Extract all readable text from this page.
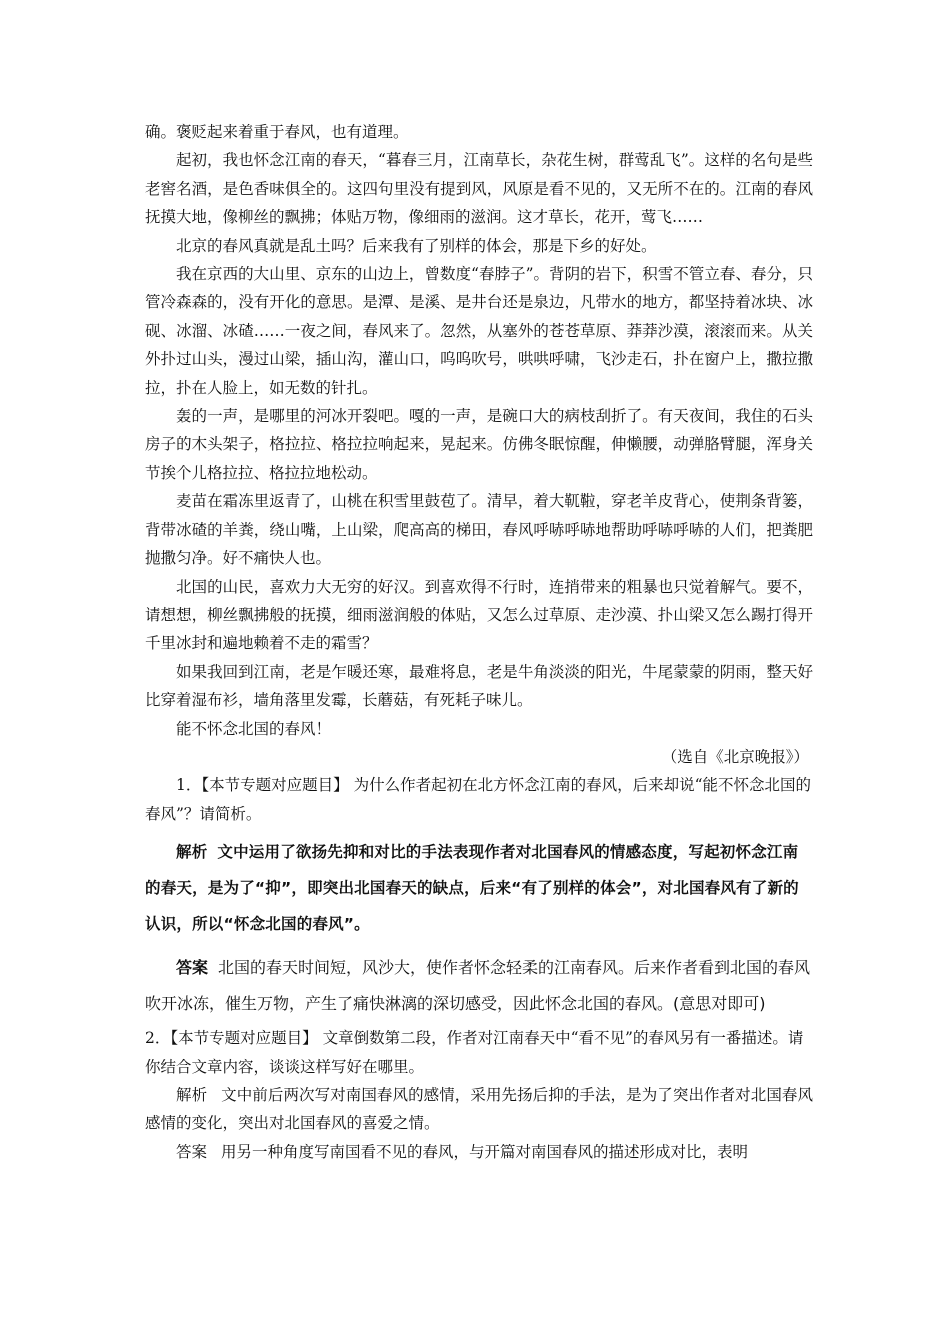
确。褒贬起来着重于春风，也有道理。

起初，我也怀念江南的春天，“暮春三月，江南草长，杂花生树，群莺乱飞”。这样的名句是些老窖名酒，是色香味俱全的。这四句里没有提到风，风原是看不见的，又无所不在的。江南的春风抚摸大地，像柳丝的飘拂；体贴万物，像细雨的滋润。这才草长，花开，莺飞……

北京的春风真就是乱土吗？后来我有了别样的体会，那是下乡的好处。

我在京西的大山里、京东的山边上，曾数度“春脖子”。背阴的岩下，积雪不管立春、春分，只管冷森森的，没有开化的意思。是潭、是溪、是井台还是泉边，凡带水的地方，都坚持着冰块、冰砚、冰溜、冰碴……一夜之间，春风来了。忽然，从塞外的苍苍草原、莽莽沙漠，滚滚而来。从关外扑过山头，漫过山梁，插山沟，灌山口，呜呜吹号，哄哄呼啸，飞沙走石，扑在窗户上，撒拉撒拉，扑在人脸上，如无数的针扎。

轰的一声，是哪里的河冰开裂吧。嘎的一声，是碗口大的病枝刮折了。有天夜间，我住的石头房子的木头架子，格拉拉、格拉拉响起来，晃起来。仿佛冬眠惊醒，伸懒腰，动弹胳臂腿，浑身关节挨个儿格拉拉、格拉拉地松动。

麦苗在霜冻里返青了，山桃在积雪里鼓苞了。清早，着大靰鞡，穿老羊皮背心，使荆条背篓，背带冰碴的羊粪，绕山嘴，上山梁，爬高高的梯田，春风呼哧呼哧地帮助呼哧呼哧的人们，把粪肥抛撒匀净。好不痛快人也。

北国的山民，喜欢力大无穷的好汉。到喜欢得不行时，连捎带来的粗暴也只觉着解气。要不，请想想，柳丝飘拂般的抚摸，细雨滋润般的体贴，又怎么过草原、走沙漠、扑山梁又怎么踢打得开千里冰封和遍地赖着不走的霜雪？

如果我回到江南，老是乍暖还寒，最难将息，老是牛角淡淡的阳光，牛尾蒙蒙的阴雨，整天好比穿着湿布衫，墙角落里发霉，长蘑菇，有死耗子味儿。

能不怀念北国的春风！

（选自《北京晚报》）

1．【本节专题对应题目】 为什么作者起初在北方怀念江南的春风，后来却说“能不怀念北国的春风”？请简析。

解析 文中运用了欲扬先抑和对比的手法表现作者对北国春风的情感态度，写起初怀念江南的春天，是为了“抑”，即突出北国春天的缺点，后来“有了别样的体会”，对北国春风有了新的认识，所以“怀念北国的春风”。

答案 北国的春天时间短，风沙大，使作者怀念轻柔的江南春风。后来作者看到北国的春风吹开冰冻，催生万物，产生了痛快淋漓的深切感受，因此怀念北国的春风。(意思对即可)

2．【本节专题对应题目】 文章倒数第二段，作者对江南春天中“看不见”的春风另有一番描述。请你结合文章内容，谈谈这样写好在哪里。

解析 文中前后两次写对南国春风的感情，采用先扬后抑的手法，是为了突出作者对北国春风感情的变化，突出对北国春风的喜爱之情。

答案 用另一种角度写南国看不见的春风，与开篇对南国春风的描述形成对比，表明
